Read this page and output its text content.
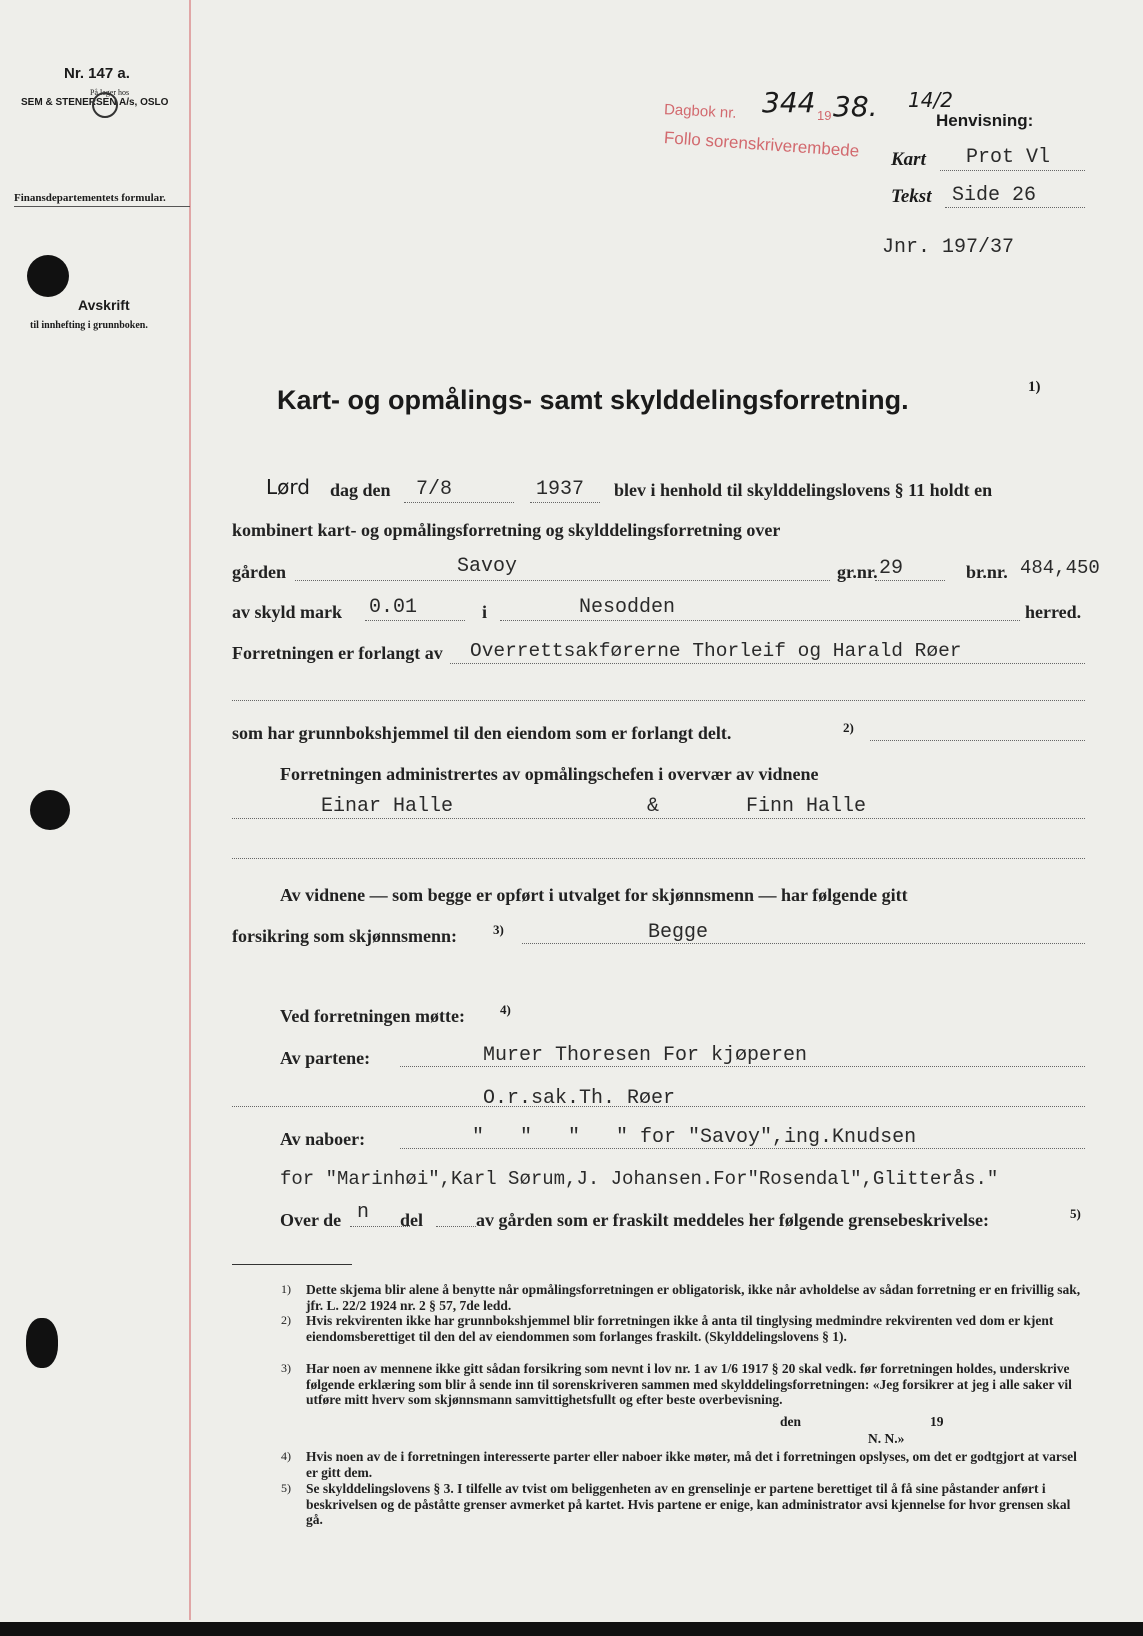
Nr. 147 a.
På lager hos
SEM & STENERSEN A/s, OSLO
Finansdepartementets formular.
Avskrift
til innhefting i grunnboken.
Dagbok nr. 344 19 38. 14/2
Follo sorenskriverembede
Henvisning:
Kart Prot Vl
Tekst Side 26
Jnr. 197/37
Kart- og opmålings- samt skylddelingsforretning.	1)
Lørd dag den 7/8	1937 blev i henhold til skylddelingslovens § 11 holdt en
kombinert kart- og opmålingsforretning og skylddelingsforretning over
gården	Savoy	gr.nr. 29	br.nr. 484,450
av skyld mark 0.01	i	Nesodden	herred.
Forretningen er forlangt av Overrettsakførerne Thorleif og Harald Røer
som har grunnbokshjemmel til den eiendom som er forlangt delt.	2)
Forretningen administrertes av opmålingschefen i overvær av vidnene
Einar Halle	&	Finn Halle
Av vidnene — som begge er opført i utvalget for skjønnsmenn — har følgende gitt
forsikring som skjønnsmenn:	3)	Begge
Ved forretningen møtte:	4)
Av partene:	Murer Thoresen For kjøperen
O.r.sak.Th. Røer
Av naboer:	"   "   "   " for "Savoy",ing.Knudsen
for "Marinhøi",Karl Sørum,J. Johansen.For"Rosendal",Glitterås."
Over de n del	av gården som er fraskilt meddeles her følgende grensebeskrivelse:	5)
1) Dette skjema blir alene å benytte når opmålingsforretningen er obligatorisk, ikke når avholdelse av sådan forretning er en frivillig sak, jfr. L. 22/2 1924 nr. 2 § 57, 7de ledd.
2) Hvis rekvirenten ikke har grunnbokshjemmel blir forretningen ikke å anta til tinglysing medmindre rekvirenten ved dom er kjent eiendomsberettiget til den del av eiendommen som forlanges fraskilt. (Skylddelingslovens § 1).
3) Har noen av mennene ikke gitt sådan forsikring som nevnt i lov nr. 1 av 1/6 1917 § 20 skal vedk. før forretningen holdes, underskrive følgende erklæring som blir å sende inn til sorenskriveren sammen med skylddelingsforretningen: «Jeg forsikrer at jeg i alle saker vil utføre mitt hverv som skjønnsmann samvittighetsfullt og efter beste overbevisning.
den	19
N. N.»
4) Hvis noen av de i forretningen interesserte parter eller naboer ikke møter, må det i forretningen opslyses, om det er godtgjort at varsel er gitt dem.
5) Se skylddelingslovens § 3. I tilfelle av tvist om beliggenheten av en grenselinje er partene berettiget til å få sine påstander anført i beskrivelsen og de påståtte grenser avmerket på kartet. Hvis partene er enige, kan administrator avsi kjennelse for hvor grensen skal gå.
